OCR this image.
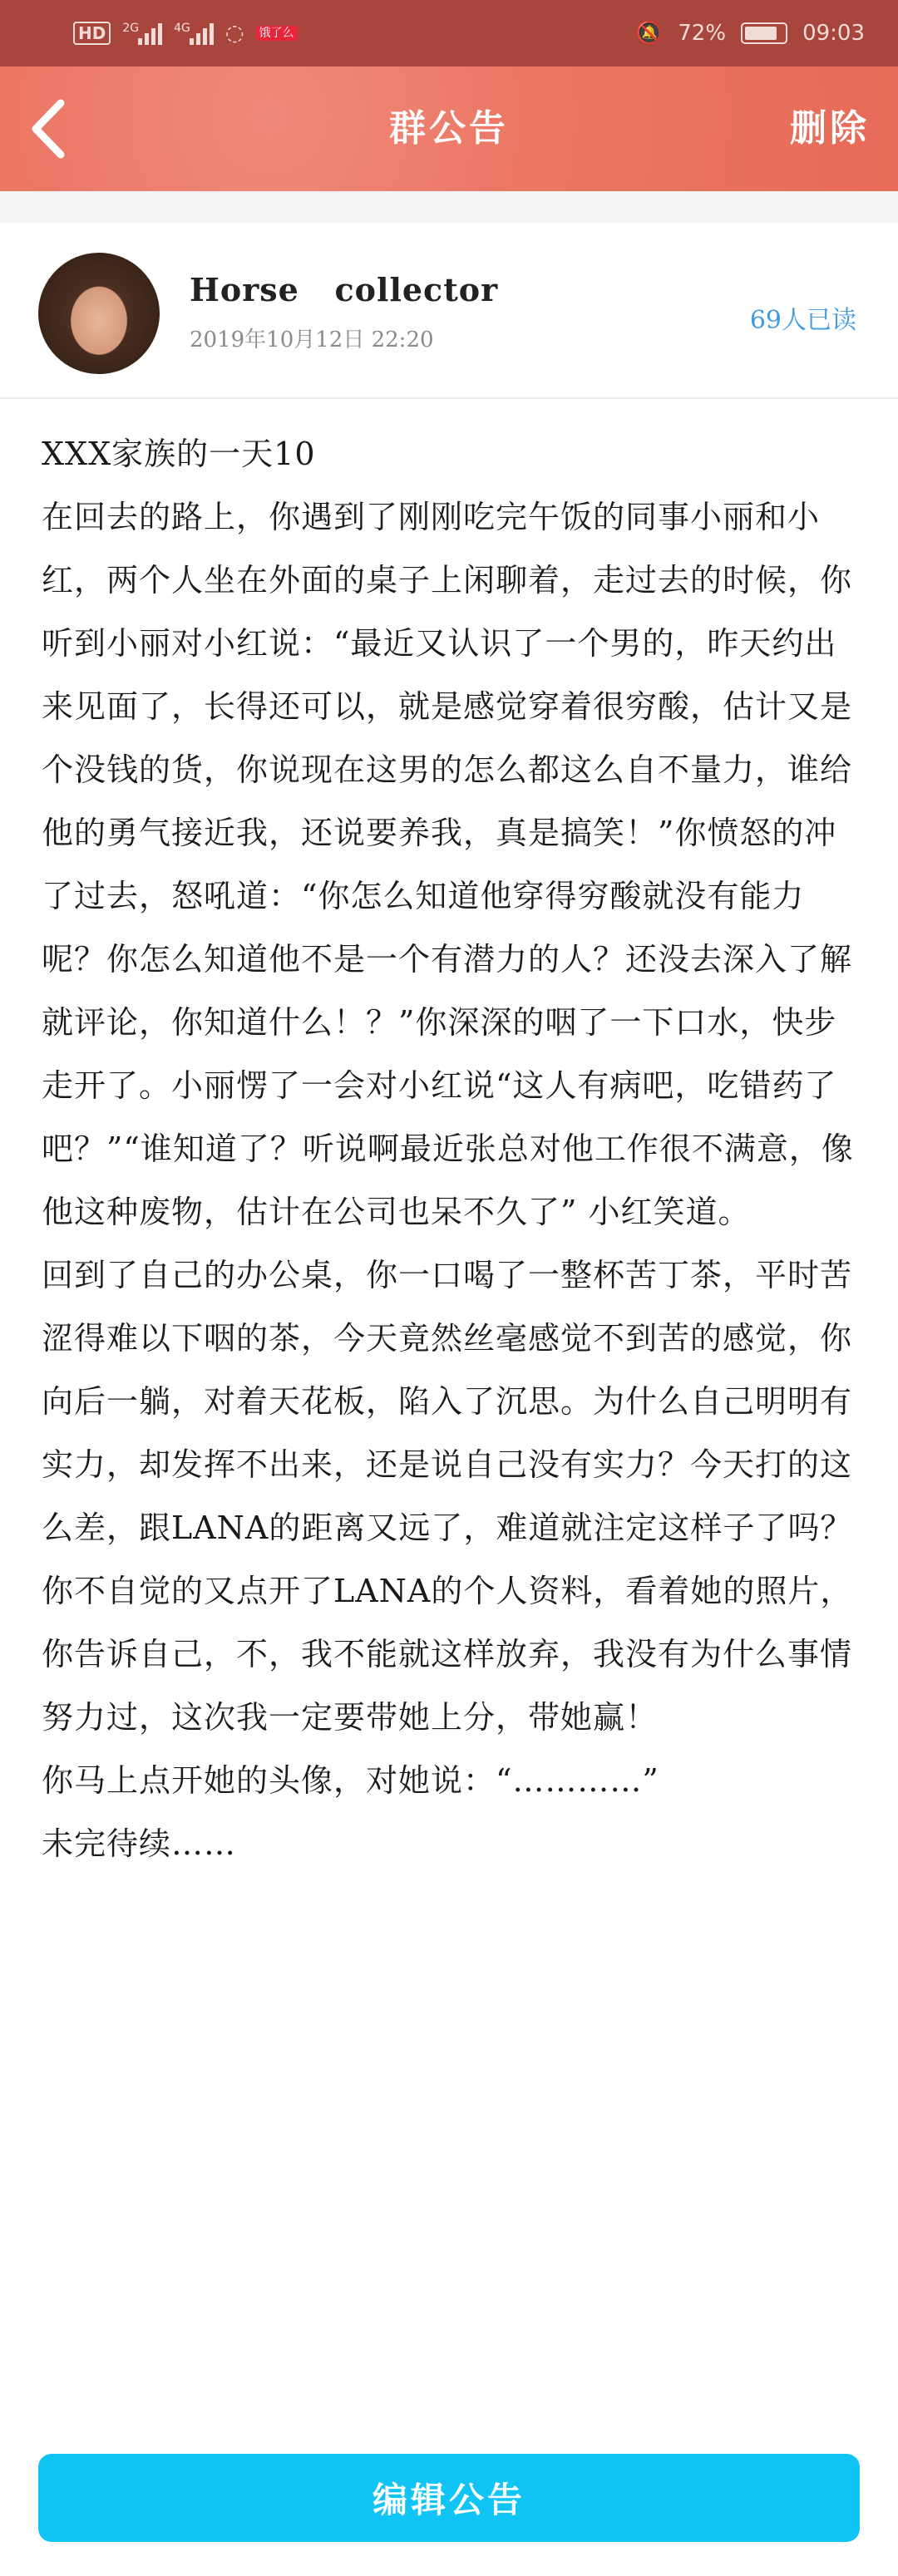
HD	2G	4G ◌ 饿了么	🔕 72%	09:03
群公告	删除
Horse   collector
2019年10月12日 22:20
69人已读

XXX家族的一天10

在回去的路上，你遇到了刚刚吃完午饭的同事小丽和小红，两个人坐在外面的桌子上闲聊着，走过去的时候，你听到小丽对小红说：“最近又认识了一个男的，昨天约出来见面了，长得还可以，就是感觉穿着很穷酸，估计又是个没钱的货，你说现在这男的怎么都这么自不量力，谁给他的勇气接近我，还说要养我，真是搞笑！”你愤怒的冲了过去，怒吼道：“你怎么知道他穿得穷酸就没有能力呢？你怎么知道他不是一个有潜力的人？还没去深入了解就评论，你知道什么！？”你深深的咽了一下口水，快步走开了。小丽愣了一会对小红说“这人有病吧，吃错药了吧？”“谁知道了？听说啊最近张总对他工作很不满意，像他这种废物，估计在公司也呆不久了” 小红笑道。

回到了自己的办公桌，你一口喝了一整杯苦丁茶，平时苦涩得难以下咽的茶，今天竟然丝毫感觉不到苦的感觉，你向后一躺，对着天花板，陷入了沉思。为什么自己明明有实力，却发挥不出来，还是说自己没有实力？今天打的这么差，跟LANA的距离又远了，难道就注定这样子了吗？

你不自觉的又点开了LANA的个人资料，看着她的照片，你告诉自己，不，我不能就这样放弃，我没有为什么事情努力过，这次我一定要带她上分，带她赢！

你马上点开她的头像，对她说：“…………”

未完待续……

编辑公告
